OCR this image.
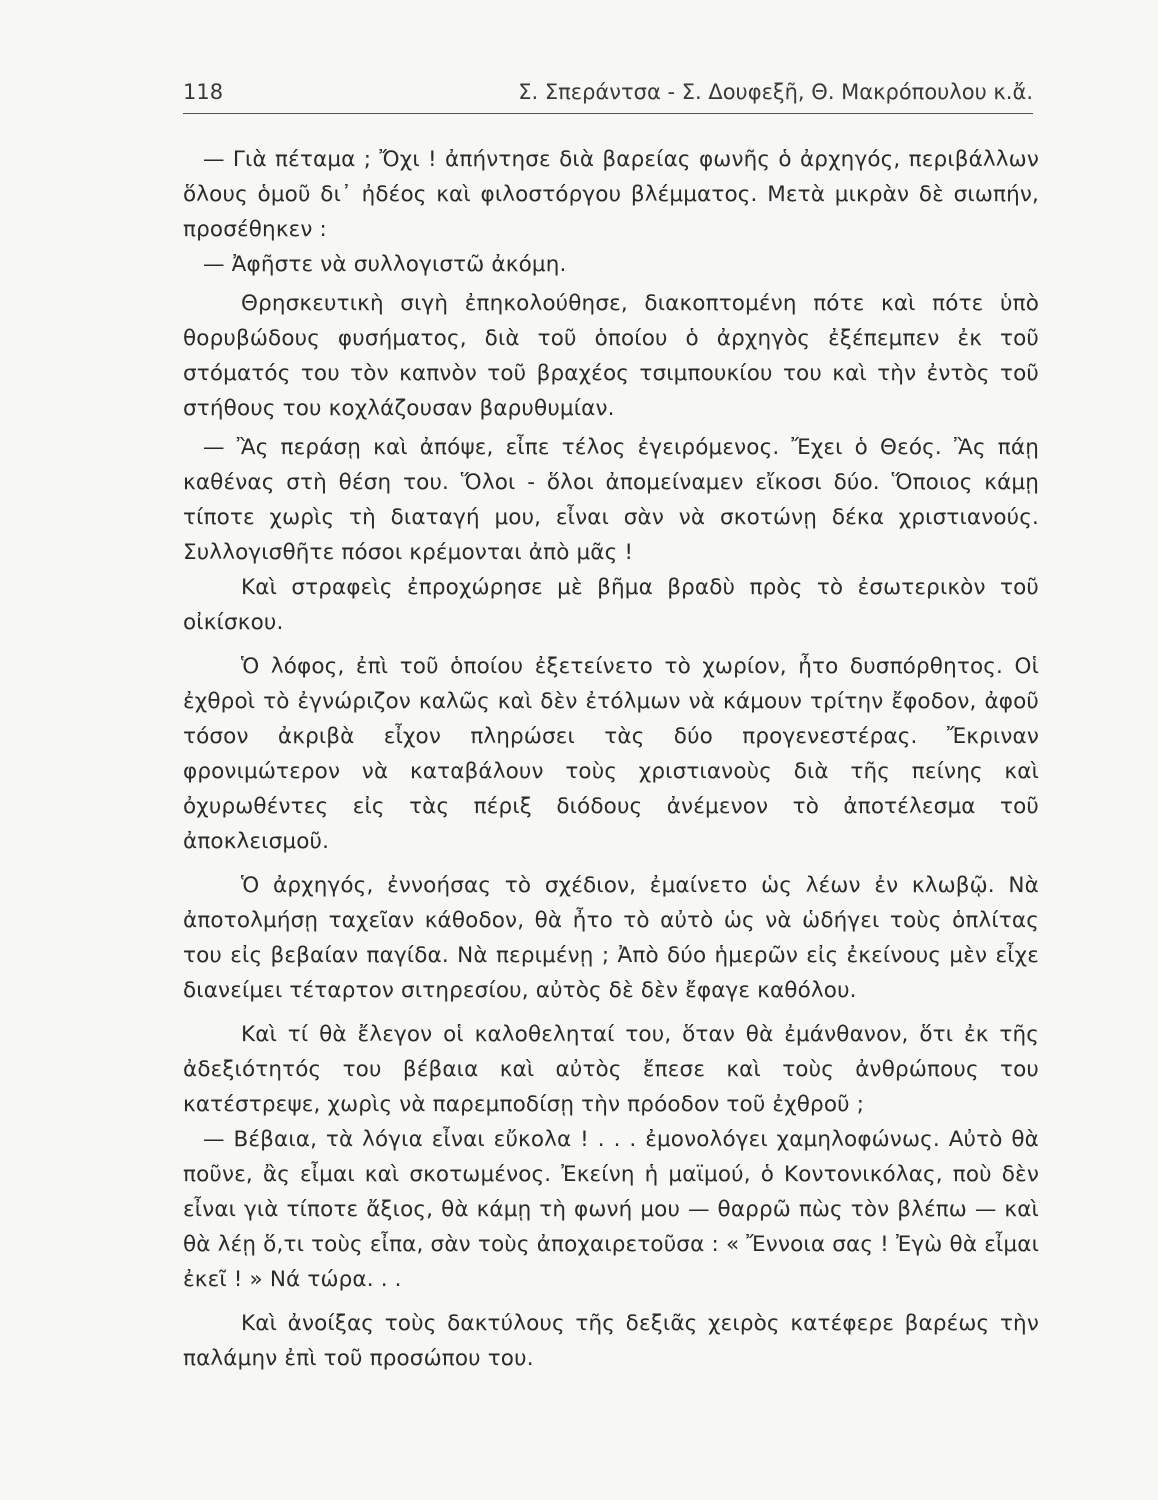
118	Σ. Σπεράντσα - Σ. Δουφεξῆ, Θ. Μακρόπουλου κ.ἄ.

— Γιὰ πέταμα ; Ὄχι ! ἀπήντησε διὰ βαρείας φωνῆς ὁ ἀρχηγός, περιβάλλων ὅλους ὁμοῦ δι᾽ ἠδέος καὶ φιλοστόργου βλέμματος. Μετὰ μικρὰν δὲ σιωπήν, προσέθηκεν :

— Ἀφῆστε νὰ συλλογιστῶ ἀκόμη.

Θρησκευτικὴ σιγὴ ἐπηκολούθησε, διακοπτομένη πότε καὶ πότε ὑπὸ θορυβώδους φυσήματος, διὰ τοῦ ὁποίου ὁ ἀρχηγὸς ἐξέπεμπεν ἐκ τοῦ στόματός του τὸν καπνὸν τοῦ βραχέος τσιμπουκίου του καὶ τὴν ἐντὸς τοῦ στήθους του κοχλάζουσαν βαρυθυμίαν.

— Ἂς περάσῃ καὶ ἀπόψε, εἶπε τέλος ἐγειρόμενος. Ἔχει ὁ Θεός. Ἂς πάῃ καθένας στὴ θέση του. Ὅλοι - ὅλοι ἀπομείναμεν εἴκοσι δύο. Ὅποιος κάμῃ τίποτε χωρὶς τὴ διαταγή μου, εἶναι σὰν νὰ σκοτώνῃ δέκα χριστιανούς. Συλλογισθῆτε πόσοι κρέμονται ἀπὸ μᾶς !

Καὶ στραφεὶς ἐπροχώρησε μὲ βῆμα βραδὺ πρὸς τὸ ἐσωτερικὸν τοῦ οἰκίσκου.

Ὁ λόφος, ἐπὶ τοῦ ὁποίου ἐξετείνετο τὸ χωρίον, ἦτο δυσπόρθητος. Οἱ ἐχθροὶ τὸ ἐγνώριζον καλῶς καὶ δὲν ἐτόλμων νὰ κάμουν τρίτην ἔφοδον, ἀφοῦ τόσον ἀκριβὰ εἶχον πληρώσει τὰς δύο προγενεστέρας. Ἔκριναν φρονιμώτερον νὰ καταβάλουν τοὺς χριστιανοὺς διὰ τῆς πείνης καὶ ὀχυρωθέντες εἰς τὰς πέριξ διόδους ἀνέμενον τὸ ἀποτέλεσμα τοῦ ἀποκλεισμοῦ.

Ὁ ἀρχηγός, ἐννοήσας τὸ σχέδιον, ἐμαίνετο ὡς λέων ἐν κλωβῷ. Νὰ ἀποτολμήσῃ ταχεῖαν κάθοδον, θὰ ἦτο τὸ αὐτὸ ὡς νὰ ὡδήγει τοὺς ὁπλίτας του εἰς βεβαίαν παγίδα. Νὰ περιμένῃ ; Ἀπὸ δύο ἡμερῶν εἰς ἐκείνους μὲν εἶχε διανείμει τέταρτον σιτηρεσίου, αὐτὸς δὲ δὲν ἔφαγε καθόλου.

Καὶ τί θὰ ἔλεγον οἱ καλοθεληταί του, ὅταν θὰ ἐμάνθανον, ὅτι ἐκ τῆς ἀδεξιότητός του βέβαια καὶ αὐτὸς ἔπεσε καὶ τοὺς ἀνθρώπους του κατέστρεψε, χωρὶς νὰ παρεμποδίσῃ τὴν πρόοδον τοῦ ἐχθροῦ ;

— Βέβαια, τὰ λόγια εἶναι εὔκολα ! . . . ἐμονολόγει χαμηλοφώνως. Αὐτὸ θὰ ποῦνε, ἂς εἶμαι καὶ σκοτωμένος. Ἐκείνη ἡ μαϊμού, ὁ Κοντονικόλας, ποὺ δὲν εἶναι γιὰ τίποτε ἄξιος, θὰ κάμῃ τὴ φωνή μου — θαρρῶ πὼς τὸν βλέπω — καὶ θὰ λέῃ ὅ,τι τοὺς εἶπα, σὰν τοὺς ἀποχαιρετοῦσα : « Ἔννοια σας ! Ἐγὼ θὰ εἶμαι ἐκεῖ ! » Νά τώρα. . .

Καὶ ἀνοίξας τοὺς δακτύλους τῆς δεξιᾶς χειρὸς κατέφερε βαρέως τὴν παλάμην ἐπὶ τοῦ προσώπου του.
